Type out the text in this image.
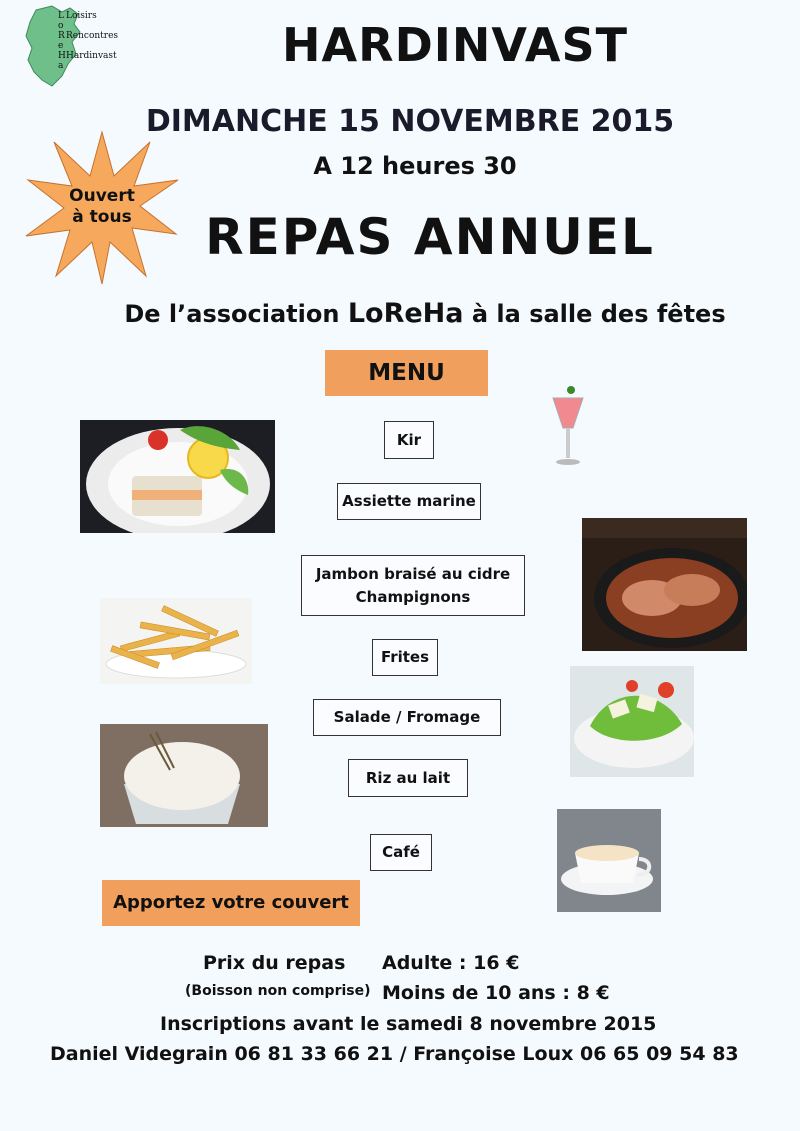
L
o
R
e
H
a
Loisirs
Rencontres
Hardinvast	HARDINVAST
DIMANCHE 15 NOVEMBRE 2015
A 12 heures 30
REPAS ANNUEL
De l’association LoReHa à la salle des fêtes
Ouvert
à tous
MENU
Kir
Assiette marine
Jambon braisé au cidre
Champignons
Frites
Salade / Fromage
Riz au lait
Café
Apportez votre couvert
Prix du repas
(Boisson non comprise)
Adulte : 16 €
Moins de 10 ans : 8 €
Inscriptions avant le samedi 8 novembre 2015
Daniel Videgrain 06 81 33 66 21 / Françoise Loux 06 65 09 54 83
